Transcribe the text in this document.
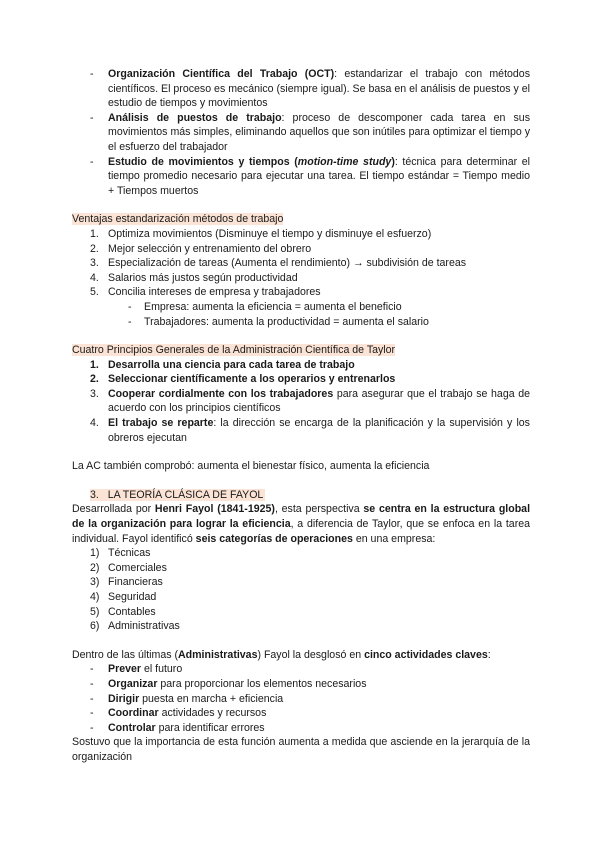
- Organización Científica del Trabajo (OCT): estandarizar el trabajo con métodos científicos. El proceso es mecánico (siempre igual). Se basa en el análisis de puestos y el estudio de tiempos y movimientos
- Análisis de puestos de trabajo: proceso de descomponer cada tarea en sus movimientos más simples, eliminando aquellos que son inútiles para optimizar el tiempo y el esfuerzo del trabajador
- Estudio de movimientos y tiempos (motion-time study): técnica para determinar el tiempo promedio necesario para ejecutar una tarea. El tiempo estándar = Tiempo medio + Tiempos muertos
Ventajas estandarización métodos de trabajo
1. Optimiza movimientos (Disminuye el tiempo y disminuye el esfuerzo)
2. Mejor selección y entrenamiento del obrero
3. Especialización de tareas (Aumenta el rendimiento) → subdivisión de tareas
4. Salarios más justos según productividad
5. Concilia intereses de empresa y trabajadores
- Empresa: aumenta la eficiencia = aumenta el beneficio
- Trabajadores: aumenta la productividad = aumenta el salario
Cuatro Principios Generales de la Administración Científica de Taylor
1. Desarrolla una ciencia para cada tarea de trabajo
2. Seleccionar científicamente a los operarios y entrenarlos
3. Cooperar cordialmente con los trabajadores para asegurar que el trabajo se haga de acuerdo con los principios científicos
4. El trabajo se reparte: la dirección se encarga de la planificación y la supervisión y los obreros ejecutan
La AC también comprobó: aumenta el bienestar físico, aumenta la eficiencia
3. LA TEORÍA CLÁSICA DE FAYOL
Desarrollada por Henri Fayol (1841-1925), esta perspectiva se centra en la estructura global de la organización para lograr la eficiencia, a diferencia de Taylor, que se enfoca en la tarea individual. Fayol identificó seis categorías de operaciones en una empresa:
1) Técnicas
2) Comerciales
3) Financieras
4) Seguridad
5) Contables
6) Administrativas
Dentro de las últimas (Administrativas) Fayol la desglosó en cinco actividades claves:
- Prever el futuro
- Organizar para proporcionar los elementos necesarios
- Dirigir puesta en marcha + eficiencia
- Coordinar actividades y recursos
- Controlar para identificar errores
Sostuvo que la importancia de esta función aumenta a medida que asciende en la jerarquía de la organización
